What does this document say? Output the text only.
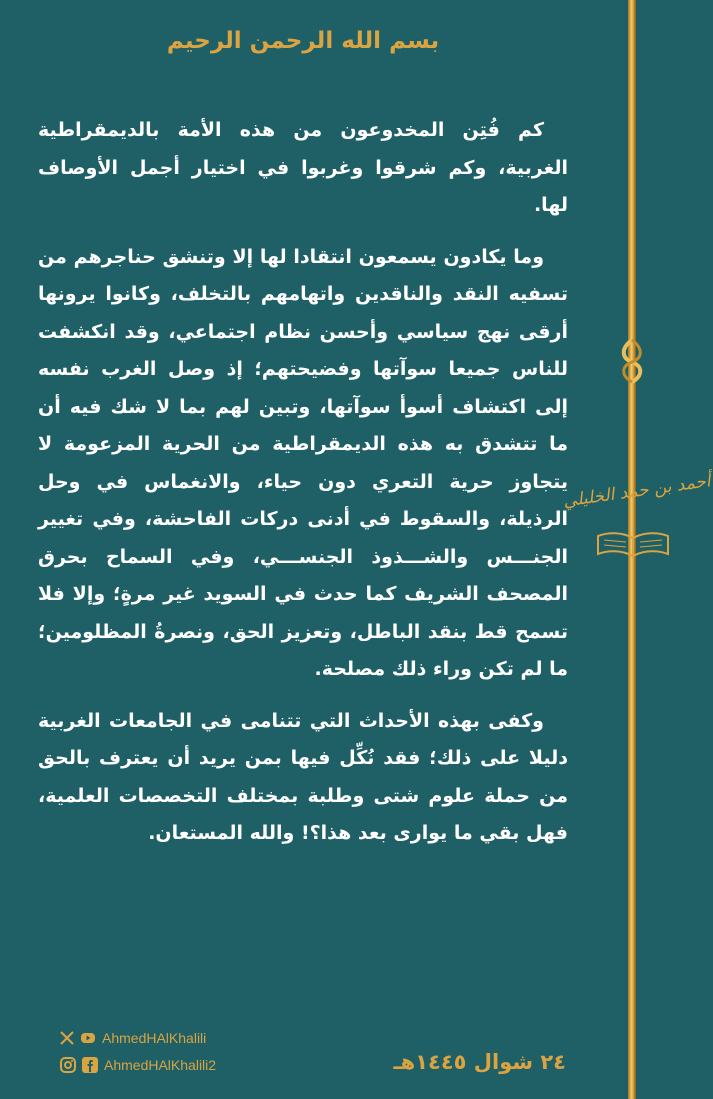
بسم الله الرحمن الرحيم

كم فُتِن المخدوعون من هذه الأمة بالديمقراطية الغربية، وكم شرقوا وغربوا في اختيار أجمل الأوصاف لها.

وما يكادون يسمعون انتقادا لها إلا وتنشق حناجرهم من تسفيه النقد والناقدين واتهامهم بالتخلف، وكانوا يرونها أرقى نهج سياسي وأحسن نظام اجتماعي، وقد انكشفت للناس جميعا سوآتها وفضيحتهم؛ إذ وصل الغرب نفسه إلى اكتشاف أسوأ سوآتها، وتبين لهم بما لا شك فيه أن ما تتشدق به هذه الديمقراطية من الحرية المزعومة لا يتجاوز حرية التعري دون حياء، والانغماس في وحل الرذيلة، والسقوط في أدنى دركات الفاحشة، وفي تغيير الجنـــس والشـــذوذ الجنســـي، وفي السماح بحرق المصحف الشريف كما حدث في السويد غير مرةٍ؛ وإلا فلا تسمح قط بنقد الباطل، وتعزيز الحق، ونصرةُ المظلومين؛ ما لم تكن وراء ذلك مصلحة.

وكفى بهذه الأحداث التي تتنامى في الجامعات الغربية دليلا على ذلك؛ فقد نُكِّل فيها بمن يريد أن يعترف بالحق من حملة علوم شتى وطلبة بمختلف التخصصات العلمية، فهل بقي ما يوارى بعد هذا؟! والله المستعان.

أحمد بن حمد الخليلي
AhmedHAlKhalili
AhmedHAlKhalili2	٢٤ شوال ١٤٤٥هـ
